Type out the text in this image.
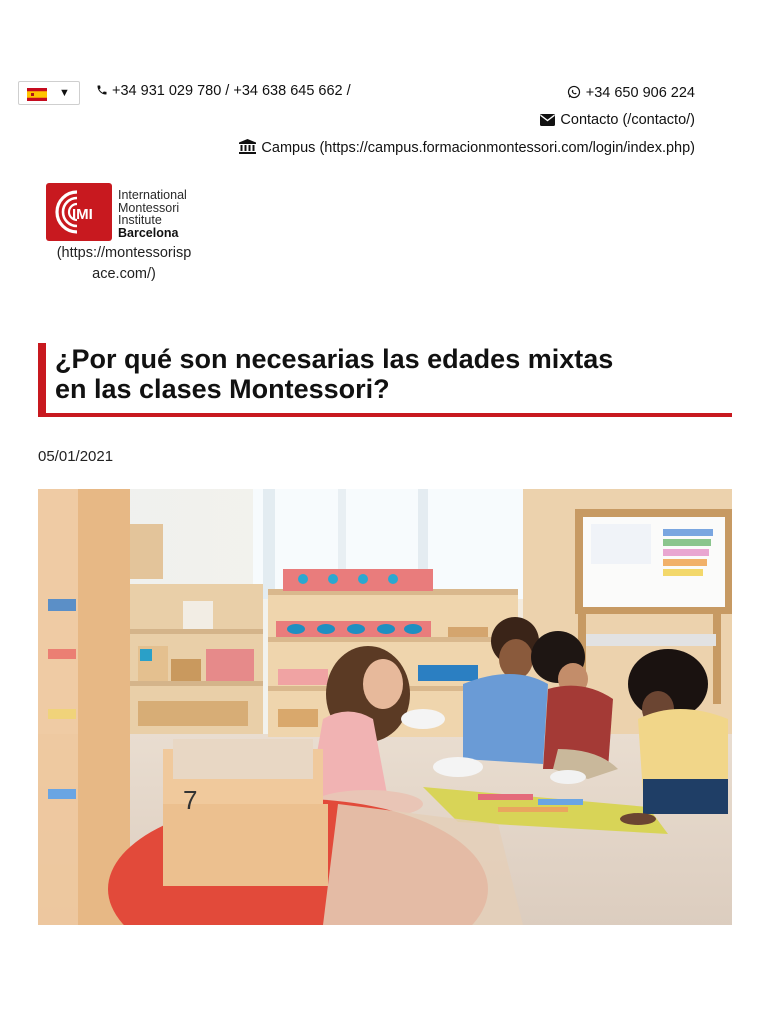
▼	+34 931 029 780 / +34 638 645 662 /	+34 650 906 224
Contacto (/contacto/)
Campus (https://campus.formacionmontessori.com/login/index.php)
IMI
International
Montessori
Institute
Barcelona
(https://montessorisp
ace.com/)
¿Por qué son necesarias las edades mixtas
en las clases Montessori?
05/01/2021
7
